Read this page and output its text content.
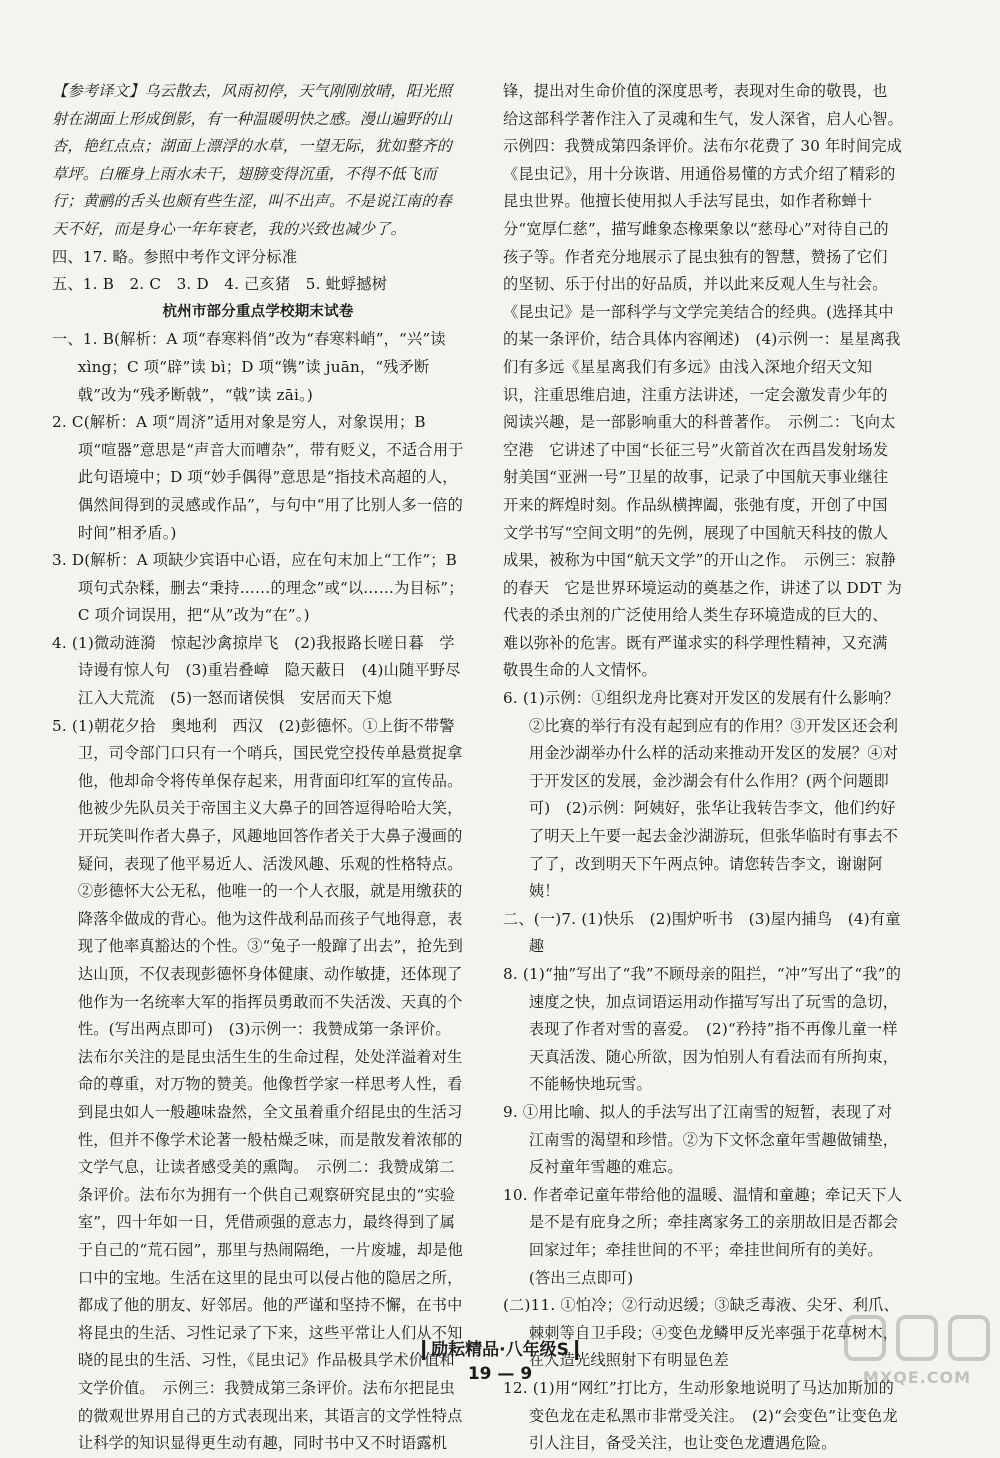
【参考译文】乌云散去，风雨初停，天气刚刚放晴，阳光照射在湖面上形成倒影，有一种温暖明快之感。漫山遍野的山杏，艳红点点；湖面上漂浮的水草，一望无际，犹如整齐的草坪。白雁身上雨水未干，翅膀变得沉重，不得不低飞而行；黄鹂的舌头也颇有些生涩，叫不出声。不是说江南的春天不好，而是身心一年年衰老，我的兴致也减少了。

四、17. 略。参照中考作文评分标准

五、1. B　2. C　3. D　4. 己亥猪　5. 蚍蜉撼树

杭州市部分重点学校期末试卷

一、1. B(解析：A 项“春寒料俏”改为“春寒料峭”，“兴”读 xìng；C 项“辟”读 bì；D 项“镌”读 juān，“残矛断戟”改为“残矛断戟”，“戟”读 zāi。)

2. C(解析：A 项“周济”适用对象是穷人，对象误用；B 项“喧器”意思是“声音大而嘈杂”，带有贬义，不适合用于此句语境中；D 项“妙手偶得”意思是“指技术高超的人，偶然间得到的灵感或作品”，与句中“用了比别人多一倍的时间”相矛盾。)

3. D(解析：A 项缺少宾语中心语，应在句末加上“工作”；B 项句式杂糅，删去“秉持……的理念”或“以……为目标”；C 项介词误用，把“从”改为“在”。)

4. (1)微动涟漪　惊起沙禽掠岸飞　(2)我报路长嗟日暮　学诗谩有惊人句　(3)重岩叠嶂　隐天蔽日　(4)山随平野尽　江入大荒流　(5)一怒而诸侯惧　安居而天下熄

5. (1)朝花夕拾　奥地利　西汉　(2)彭德怀。①上街不带警卫，司令部门口只有一个哨兵，国民党空投传单悬赏捉拿他，他却命令将传单保存起来，用背面印红军的宣传品。他被少先队员关于帝国主义大鼻子的回答逗得哈哈大笑，开玩笑叫作者大鼻子，风趣地回答作者关于大鼻子漫画的疑问，表现了他平易近人、活泼风趣、乐观的性格特点。②彭德怀大公无私，他唯一的一个人衣服，就是用缴获的降落伞做成的背心。他为这件战利品而孩子气地得意，表现了他率真豁达的个性。③“兔子一般蹿了出去”，抢先到达山顶，不仅表现彭德怀身体健康、动作敏捷，还体现了他作为一名统率大军的指挥员勇敢而不失活泼、天真的个性。(写出两点即可)　(3)示例一：我赞成第一条评价。法布尔关注的是昆虫活生生的生命过程，处处洋溢着对生命的尊重，对万物的赞美。他像哲学家一样思考人性，看到昆虫如人一般趣味盎然，全文虽着重介绍昆虫的生活习性，但并不像学术论著一般枯燥乏味，而是散发着浓郁的文学气息，让读者感受美的熏陶。　示例二：我赞成第二条评价。法布尔为拥有一个供自己观察研究昆虫的“实验室”，四十年如一日，凭借顽强的意志力，最终得到了属于自己的“荒石园”，那里与热闹隔绝，一片废墟，却是他口中的宝地。生活在这里的昆虫可以侵占他的隐居之所，都成了他的朋友、好邻居。他的严谨和坚持不懈，在书中将昆虫的生活、习性记录了下来，这些平常让人们从不知晓的昆虫的生活、习性，《昆虫记》作品极具学术价值和文学价值。　示例三：我赞成第三条评价。法布尔把昆虫的微观世界用自己的方式表现出来，其语言的文学性特点让科学的知识显得更生动有趣，同时书中又不时语露机

锋，提出对生命价值的深度思考，表现对生命的敬畏，也给这部科学著作注入了灵魂和生气，发人深省，启人心智。　示例四：我赞成第四条评价。法布尔花费了 30 年时间完成《昆虫记》，用十分诙谐、用通俗易懂的方式介绍了精彩的昆虫世界。他擅长使用拟人手法写昆虫，如作者称蝉十分“宽厚仁慈”，描写雌象态橡栗象以“慈母心”对待自己的孩子等。作者充分地展示了昆虫独有的智慧，赞扬了它们的坚韧、乐于付出的好品质，并以此来反观人生与社会。《昆虫记》是一部科学与文学完美结合的经典。(选择其中的某一条评价，结合具体内容阐述)　(4)示例一：星星离我们有多远《星星离我们有多远》由浅入深地介绍天文知识，注重思维启迪，注重方法讲述，一定会激发青少年的阅读兴趣，是一部影响重大的科普著作。　示例二：飞向太空港　它讲述了中国“长征三号”火箭首次在西昌发射场发射美国“亚洲一号”卫星的故事，记录了中国航天事业继往开来的辉煌时刻。作品纵横捭阖，张弛有度，开创了中国文学书写“空间文明”的先例，展现了中国航天科技的傲人成果，被称为中国“航天文学”的开山之作。　示例三：寂静的春天　它是世界环境运动的奠基之作，讲述了以 DDT 为代表的杀虫剂的广泛使用给人类生存环境造成的巨大的、难以弥补的危害。既有严谨求实的科学理性精神，又充满敬畏生命的人文情怀。

6. (1)示例：①组织龙舟比赛对开发区的发展有什么影响？②比赛的举行有没有起到应有的作用？③开发区还会利用金沙湖举办什么样的活动来推动开发区的发展？④对于开发区的发展，金沙湖会有什么作用？(两个问题即可)　(2)示例：阿姨好，张华让我转告李文，他们约好了明天上午要一起去金沙湖游玩，但张华临时有事去不了了，改到明天下午两点钟。请您转告李文，谢谢阿姨！

二、(一)7. (1)快乐　(2)围炉听书　(3)屋内捕鸟　(4)有童趣

8. (1)“抽”写出了“我”不顾母亲的阻拦，“冲”写出了“我”的速度之快，加点词语运用动作描写写出了玩雪的急切，表现了作者对雪的喜爱。　(2)“矜持”指不再像儿童一样天真活泼、随心所欲，因为怕别人有看法而有所拘束，不能畅快地玩雪。

9. ①用比喻、拟人的手法写出了江南雪的短暂，表现了对江南雪的渴望和珍惜。②为下文怀念童年雪趣做铺垫，反衬童年雪趣的难忘。

10. 作者牵记童年带给他的温暖、温情和童趣；牵记天下人是不是有庇身之所；牵挂离家务工的亲朋故旧是否都会回家过年；牵挂世间的不平；牵挂世间所有的美好。(答出三点即可)

(二)11. ①怕冷；②行动迟缓；③缺乏毒液、尖牙、利爪、棘刺等自卫手段；④变色龙鳞甲反光率强于花草树木，在人造光线照射下有明显色差

12. (1)用“网红”打比方，生动形象地说明了马达加斯加的变色龙在走私黑市非常受关注。　(2)“会变色”让变色龙引人注目，备受关注，也让变色龙遭遇危险。

励耘精品·八年级S
19 — 9	MXQE.COM
